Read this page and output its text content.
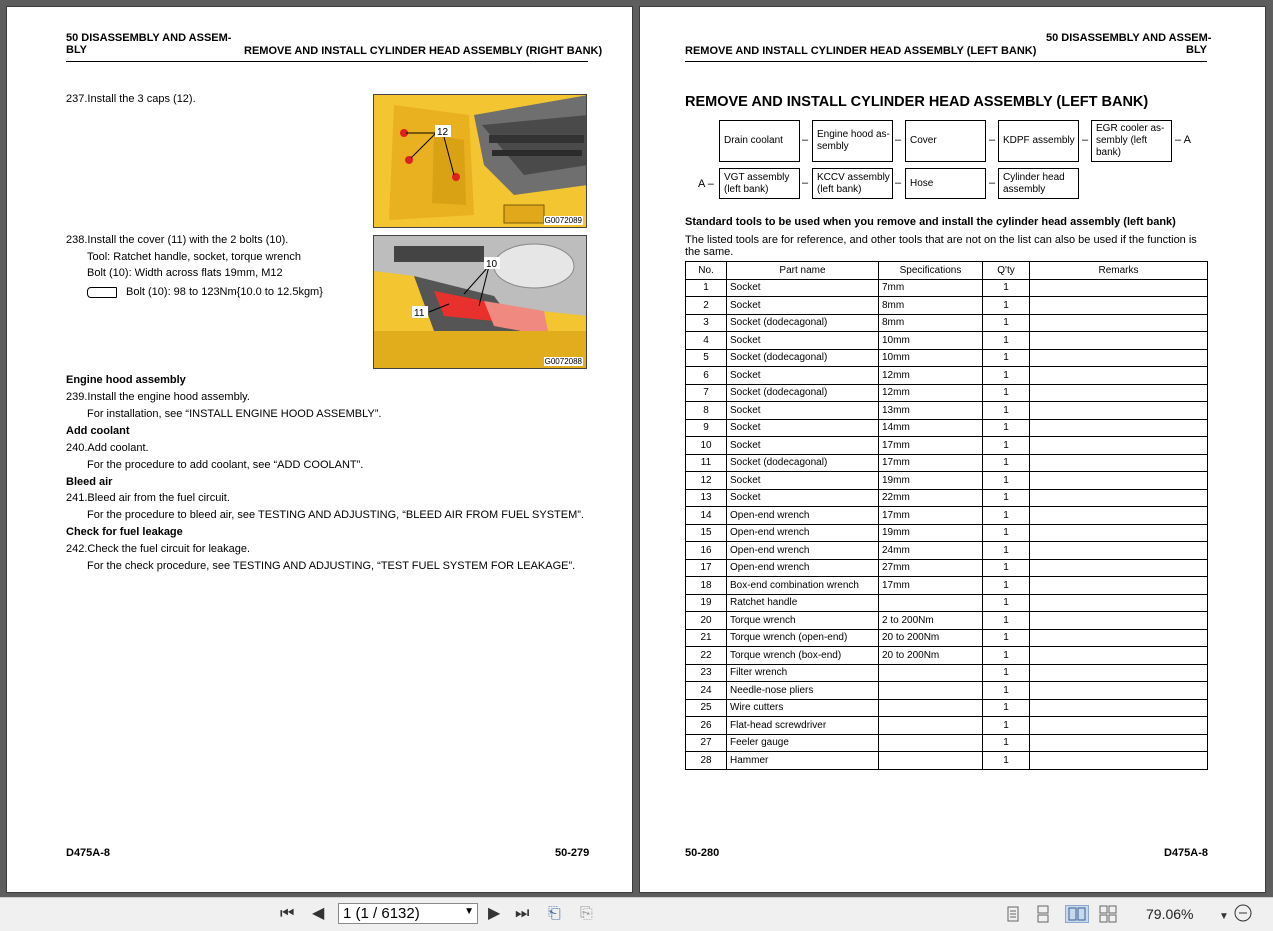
50 DISASSEMBLY AND ASSEM-
BLY	REMOVE AND INSTALL CYLINDER HEAD ASSEMBLY (RIGHT BANK)
237.Install the 3 caps (12).
12
G0072089
238.Install the cover (11) with the 2 bolts (10).
Tool: Ratchet handle, socket, torque wrench
Bolt (10): Width across flats 19mm, M12
Bolt (10): 98 to 123Nm{10.0 to 12.5kgm}
10
11
G0072088
Engine hood assembly
239.Install the engine hood assembly.
For installation, see “INSTALL ENGINE HOOD ASSEMBLY”.
Add coolant
240.Add coolant.
For the procedure to add coolant, see “ADD COOLANT”.
Bleed air
241.Bleed air from the fuel circuit.
For the procedure to bleed air, see TESTING AND ADJUSTING, “BLEED AIR FROM FUEL SYSTEM”.
Check for fuel leakage
242.Check the fuel circuit for leakage.
For the check procedure, see TESTING AND ADJUSTING, “TEST FUEL SYSTEM FOR LEAKAGE”.
D475A-8	50-279
50 DISASSEMBLY AND ASSEM-
BLY
REMOVE AND INSTALL CYLINDER HEAD ASSEMBLY (LEFT BANK)
REMOVE AND INSTALL CYLINDER HEAD ASSEMBLY (LEFT BANK)
Drain coolant	– Engine hood as-
sembly
– Cover	– KDPF assembly –
EGR cooler as-
sembly (left
bank)
– A
A –
VGT assembly
(left bank)	– KCCV assembly
(left bank)	– Hose	– Cylinder head
assembly
Standard tools to be used when you remove and install the cylinder head assembly (left bank)
The listed tools are for reference, and other tools that are not on the list can also be used if the function is the same.
No.	Part name	Specifications	Q'ty	Remarks
1	Socket	7mm	1	
2	Socket	8mm	1	
3	Socket (dodecagonal)	8mm	1	
4	Socket	10mm	1	
5	Socket (dodecagonal)	10mm	1	
6	Socket	12mm	1	
7	Socket (dodecagonal)	12mm	1	
8	Socket	13mm	1	
9	Socket	14mm	1	
10	Socket	17mm	1	
11	Socket (dodecagonal)	17mm	1	
12	Socket	19mm	1	
13	Socket	22mm	1	
14	Open-end wrench	17mm	1	
15	Open-end wrench	19mm	1	
16	Open-end wrench	24mm	1	
17	Open-end wrench	27mm	1	
18	Box-end combination wrench	17mm	1	
19	Ratchet handle		1	
20	Torque wrench	2 to 200Nm	1	
21	Torque wrench (open-end)	20 to 200Nm	1	
22	Torque wrench (box-end)	20 to 200Nm	1	
23	Filter wrench		1	
24	Needle-nose pliers		1	
25	Wire cutters		1	
26	Flat-head screwdriver		1	
27	Feeler gauge		1	
28	Hammer		1	
50-280	D475A-8
⏮ ◀	1 (1 / 6132)	▼ ▶ ⏭ ⎗ ⎘	79.06%	▼
